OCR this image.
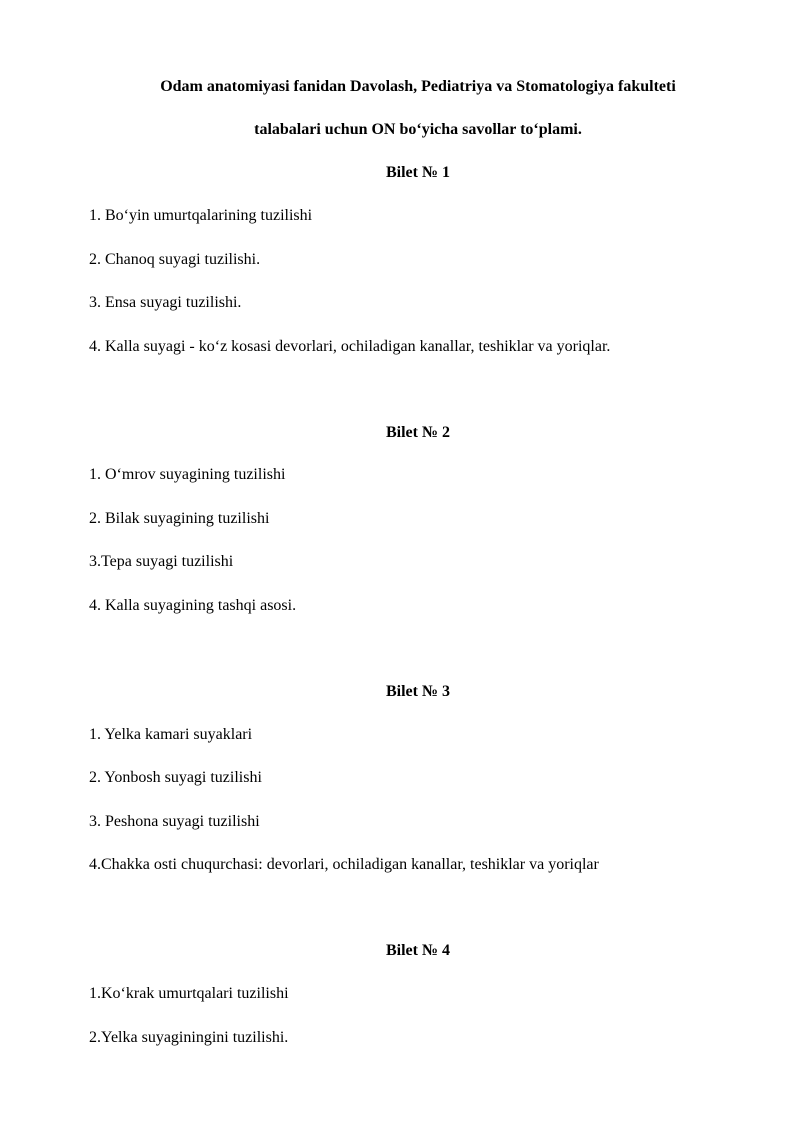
Odam anatomiyasi fanidan Davolash, Pediatriya va Stomatologiya fakulteti
talabalari uchun ON bo‘yicha savollar to‘plami.
Bilet № 1
1. Bo‘yin umurtqalarining tuzilishi
2. Chanoq suyagi tuzilishi.
3. Ensa suyagi tuzilishi.
4. Kalla suyagi - ko‘z kosasi devorlari, ochiladigan kanallar, teshiklar va yoriqlar.
Bilet № 2
1. O‘mrov suyagining tuzilishi
2. Bilak suyagining tuzilishi
3.Tepa suyagi tuzilishi
4. Kalla suyagining tashqi asosi.
Bilet № 3
1. Yelka kamari suyaklari
2. Yonbosh suyagi tuzilishi
3. Peshona suyagi tuzilishi
4.Chakka osti chuqurchasi: devorlari, ochiladigan kanallar, teshiklar va yoriqlar
Bilet № 4
1.Ko‘krak umurtqalari tuzilishi
2.Yelka suyaginingini tuzilishi.
